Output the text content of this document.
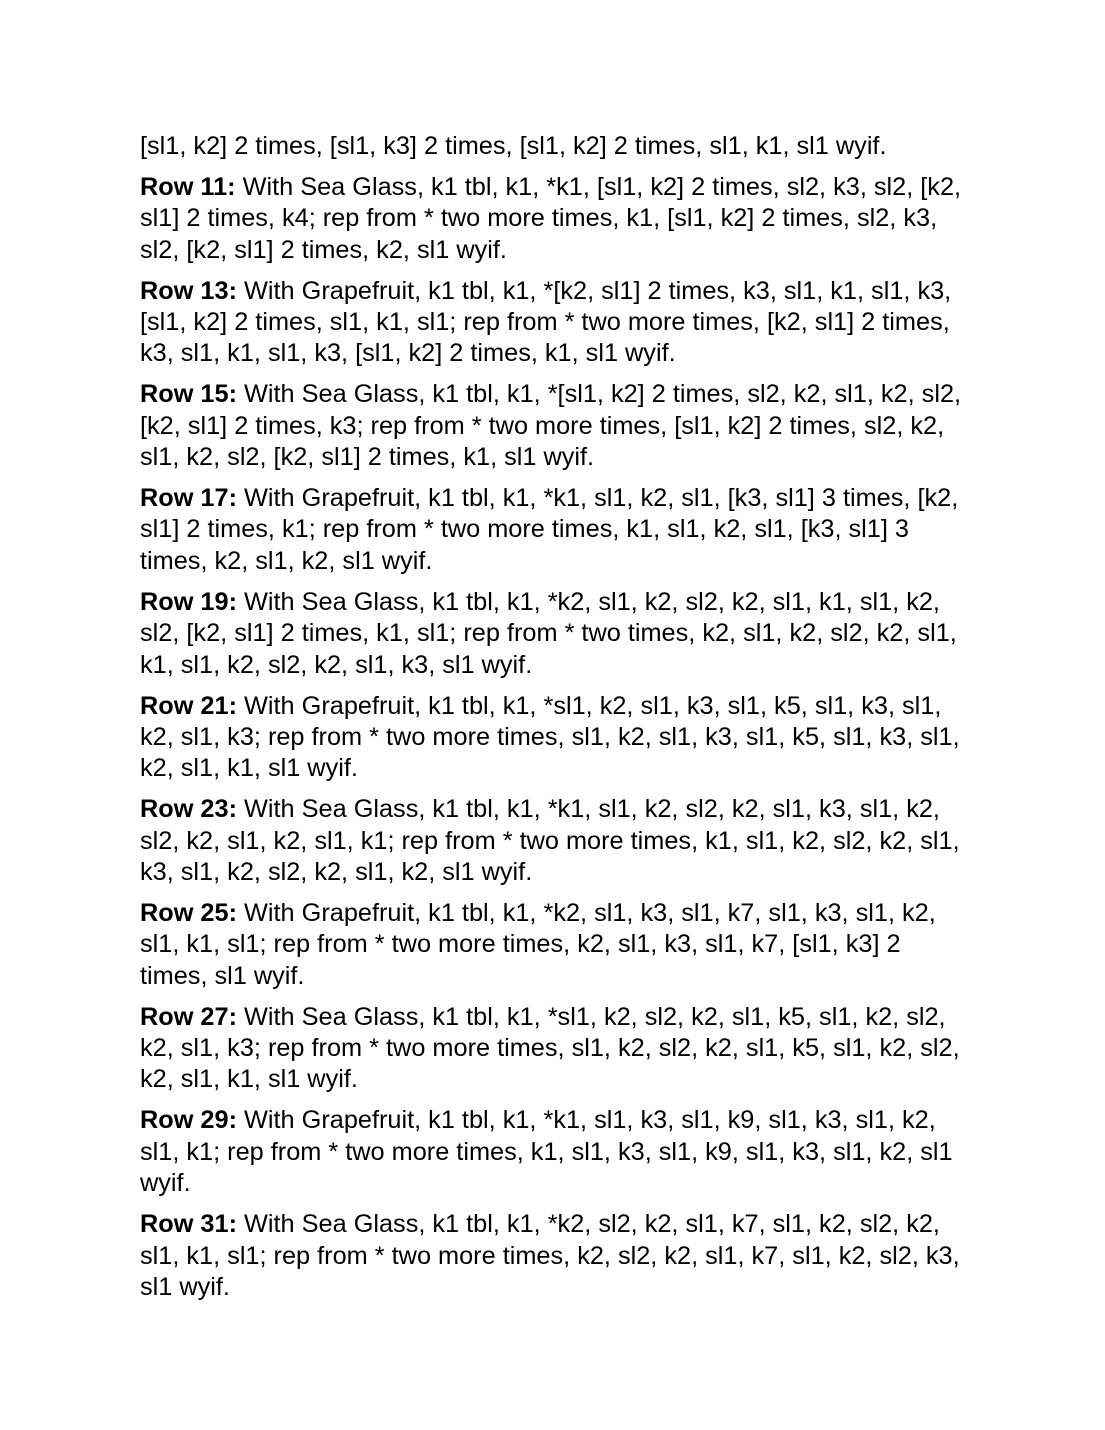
[sl1, k2] 2 times, [sl1, k3] 2 times, [sl1, k2] 2 times, sl1, k1, sl1 wyif.

Row 11: With Sea Glass, k1 tbl, k1, *k1, [sl1, k2] 2 times, sl2, k3, sl2, [k2, sl1] 2 times, k4; rep from * two more times, k1, [sl1, k2] 2 times, sl2, k3, sl2, [k2, sl1] 2 times, k2, sl1 wyif.

Row 13: With Grapefruit, k1 tbl, k1, *[k2, sl1] 2 times, k3, sl1, k1, sl1, k3, [sl1, k2] 2 times, sl1, k1, sl1; rep from * two more times, [k2, sl1] 2 times, k3, sl1, k1, sl1, k3, [sl1, k2] 2 times, k1, sl1 wyif.

Row 15: With Sea Glass, k1 tbl, k1, *[sl1, k2] 2 times, sl2, k2, sl1, k2, sl2, [k2, sl1] 2 times, k3; rep from * two more times, [sl1, k2] 2 times, sl2, k2, sl1, k2, sl2, [k2, sl1] 2 times, k1, sl1 wyif.

Row 17: With Grapefruit, k1 tbl, k1, *k1, sl1, k2, sl1, [k3, sl1] 3 times, [k2, sl1] 2 times, k1; rep from * two more times, k1, sl1, k2, sl1, [k3, sl1] 3 times, k2, sl1, k2, sl1 wyif.

Row 19: With Sea Glass, k1 tbl, k1, *k2, sl1, k2, sl2, k2, sl1, k1, sl1, k2, sl2, [k2, sl1] 2 times, k1, sl1; rep from * two times, k2, sl1, k2, sl2, k2, sl1, k1, sl1, k2, sl2, k2, sl1, k3, sl1 wyif.

Row 21: With Grapefruit, k1 tbl, k1, *sl1, k2, sl1, k3, sl1, k5, sl1, k3, sl1, k2, sl1, k3; rep from * two more times, sl1, k2, sl1, k3, sl1, k5, sl1, k3, sl1, k2, sl1, k1, sl1 wyif.

Row 23: With Sea Glass, k1 tbl, k1, *k1, sl1, k2, sl2, k2, sl1, k3, sl1, k2, sl2, k2, sl1, k2, sl1, k1; rep from * two more times, k1, sl1, k2, sl2, k2, sl1, k3, sl1, k2, sl2, k2, sl1, k2, sl1 wyif.

Row 25: With Grapefruit, k1 tbl, k1, *k2, sl1, k3, sl1, k7, sl1, k3, sl1, k2, sl1, k1, sl1; rep from * two more times, k2, sl1, k3, sl1, k7, [sl1, k3] 2 times, sl1 wyif.

Row 27: With Sea Glass, k1 tbl, k1, *sl1, k2, sl2, k2, sl1, k5, sl1, k2, sl2, k2, sl1, k3; rep from * two more times, sl1, k2, sl2, k2, sl1, k5, sl1, k2, sl2, k2, sl1, k1, sl1 wyif.

Row 29: With Grapefruit, k1 tbl, k1, *k1, sl1, k3, sl1, k9, sl1, k3, sl1, k2, sl1, k1; rep from * two more times, k1, sl1, k3, sl1, k9, sl1, k3, sl1, k2, sl1 wyif.

Row 31: With Sea Glass, k1 tbl, k1, *k2, sl2, k2, sl1, k7, sl1, k2, sl2, k2, sl1, k1, sl1; rep from * two more times, k2, sl2, k2, sl1, k7, sl1, k2, sl2, k3, sl1 wyif.
